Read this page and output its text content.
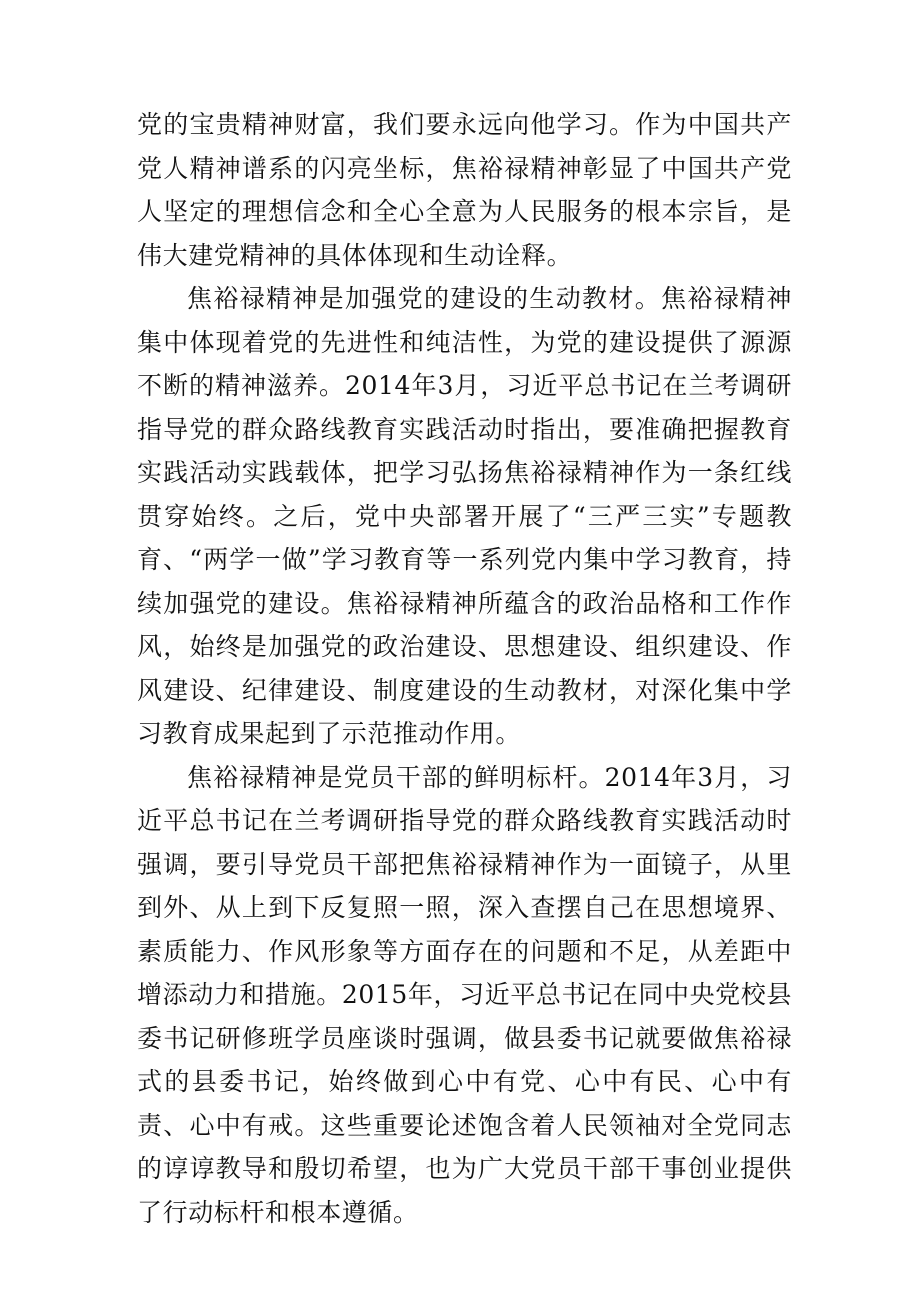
党的宝贵精神财富，我们要永远向他学习。作为中国共产党人精神谱系的闪亮坐标，焦裕禄精神彰显了中国共产党人坚定的理想信念和全心全意为人民服务的根本宗旨，是伟大建党精神的具体体现和生动诠释。

焦裕禄精神是加强党的建设的生动教材。焦裕禄精神集中体现着党的先进性和纯洁性，为党的建设提供了源源不断的精神滋养。2014年3月，习近平总书记在兰考调研指导党的群众路线教育实践活动时指出，要准确把握教育实践活动实践载体，把学习弘扬焦裕禄精神作为一条红线贯穿始终。之后，党中央部署开展了“三严三实”专题教育、“两学一做”学习教育等一系列党内集中学习教育，持续加强党的建设。焦裕禄精神所蕴含的政治品格和工作作风，始终是加强党的政治建设、思想建设、组织建设、作风建设、纪律建设、制度建设的生动教材，对深化集中学习教育成果起到了示范推动作用。

焦裕禄精神是党员干部的鲜明标杆。2014年3月，习近平总书记在兰考调研指导党的群众路线教育实践活动时强调，要引导党员干部把焦裕禄精神作为一面镜子，从里到外、从上到下反复照一照，深入查摆自己在思想境界、素质能力、作风形象等方面存在的问题和不足，从差距中增添动力和措施。2015年，习近平总书记在同中央党校县委书记研修班学员座谈时强调，做县委书记就要做焦裕禄式的县委书记，始终做到心中有党、心中有民、心中有责、心中有戒。这些重要论述饱含着人民领袖对全党同志的谆谆教导和殷切希望，也为广大党员干部干事创业提供了行动标杆和根本遵循。
